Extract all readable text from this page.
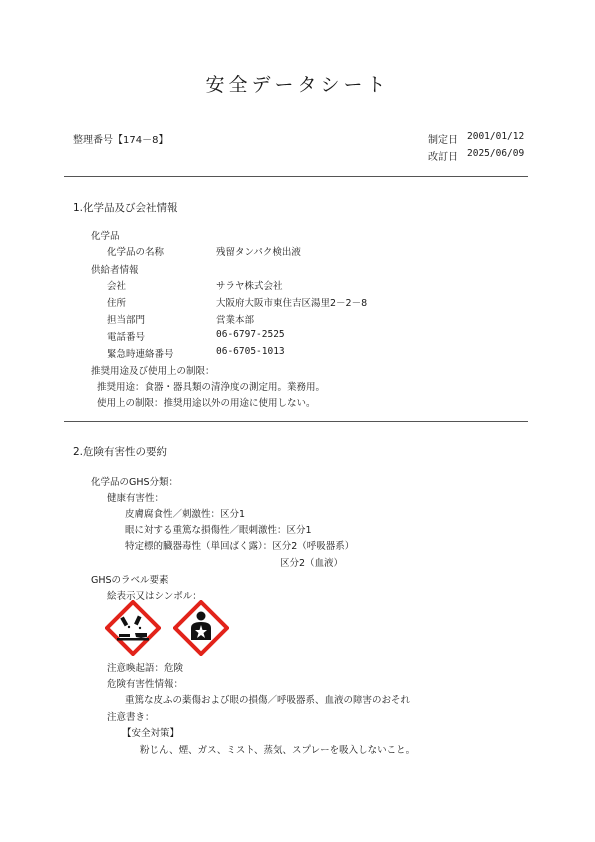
安全データシート
整理番号【174－8】	制定日 2001/01/12
改訂日 2025/06/09
1.化学品及び会社情報
化学品
化学品の名称	残留タンパク検出液
供給者情報
会社	サラヤ株式会社
住所	大阪府大阪市東住吉区湯里2－2－8
担当部門	営業本部
電話番号	06-6797-2525
緊急時連絡番号	06-6705-1013
推奨用途及び使用上の制限：
推奨用途：食器・器具類の清浄度の測定用。業務用。
使用上の制限：推奨用途以外の用途に使用しない。
2.危険有害性の要約
化学品のGHS分類：
健康有害性：
皮膚腐食性／刺激性：区分1
眼に対する重篤な損傷性／眼刺激性：区分1
特定標的臓器毒性（単回ばく露）：区分2（呼吸器系）
区分2（血液）
GHSのラベル要素
絵表示又はシンボル：
注意喚起語：危険
危険有害性情報：
重篤な皮ふの薬傷および眼の損傷／呼吸器系、血液の障害のおそれ
注意書き：
【安全対策】
粉じん、煙、ガス、ミスト、蒸気、スプレーを吸入しないこと。
